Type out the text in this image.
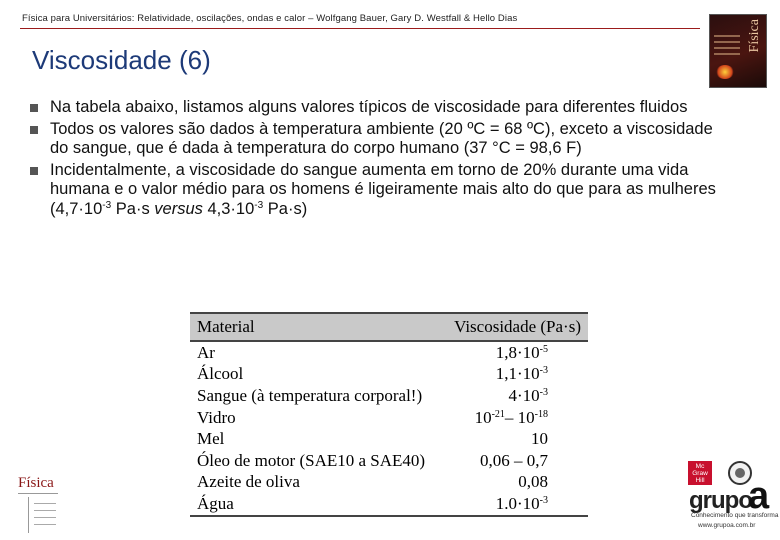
Física para Universitários: Relatividade, oscilações, ondas e calor – Wolfgang Bauer, Gary D. Westfall & Hello Dias
Física
Viscosidade (6)
Na tabela abaixo, listamos alguns valores típicos de viscosidade para diferentes fluidos
Todos os valores são dados à temperatura ambiente (20 ºC = 68 ºC), exceto a viscosidade do sangue, que é dada à temperatura do corpo humano (37 °C = 98,6 F)
Incidentalmente, a viscosidade do sangue aumenta em torno de 20% durante uma vida humana e o valor médio para os homens é ligeiramente mais alto do que para as mulheres ($4,7\cdot 10^{-3}$ Pa·s versus $4,3\cdot 10^{-3}$ Pa·s)
Material	Viscosidade (Pa·s)
Ar	$1,8\cdot 10^{-5}$
Álcool	$1,1\cdot 10^{-3}$
Sangue (à temperatura corporal!)	$4\cdot 10^{-3}$
Vidro	$10^{-21}-$ $10^{-18}$
Mel	10
Óleo de motor (SAE10 a SAE40)	0,06 – 0,7
Azeite de oliva	0,08
Água	$1.0\cdot 10^{-3}$
Física
Mc Graw Hill
grupo
a
Conhecimento que transforma
www.grupoa.com.br
